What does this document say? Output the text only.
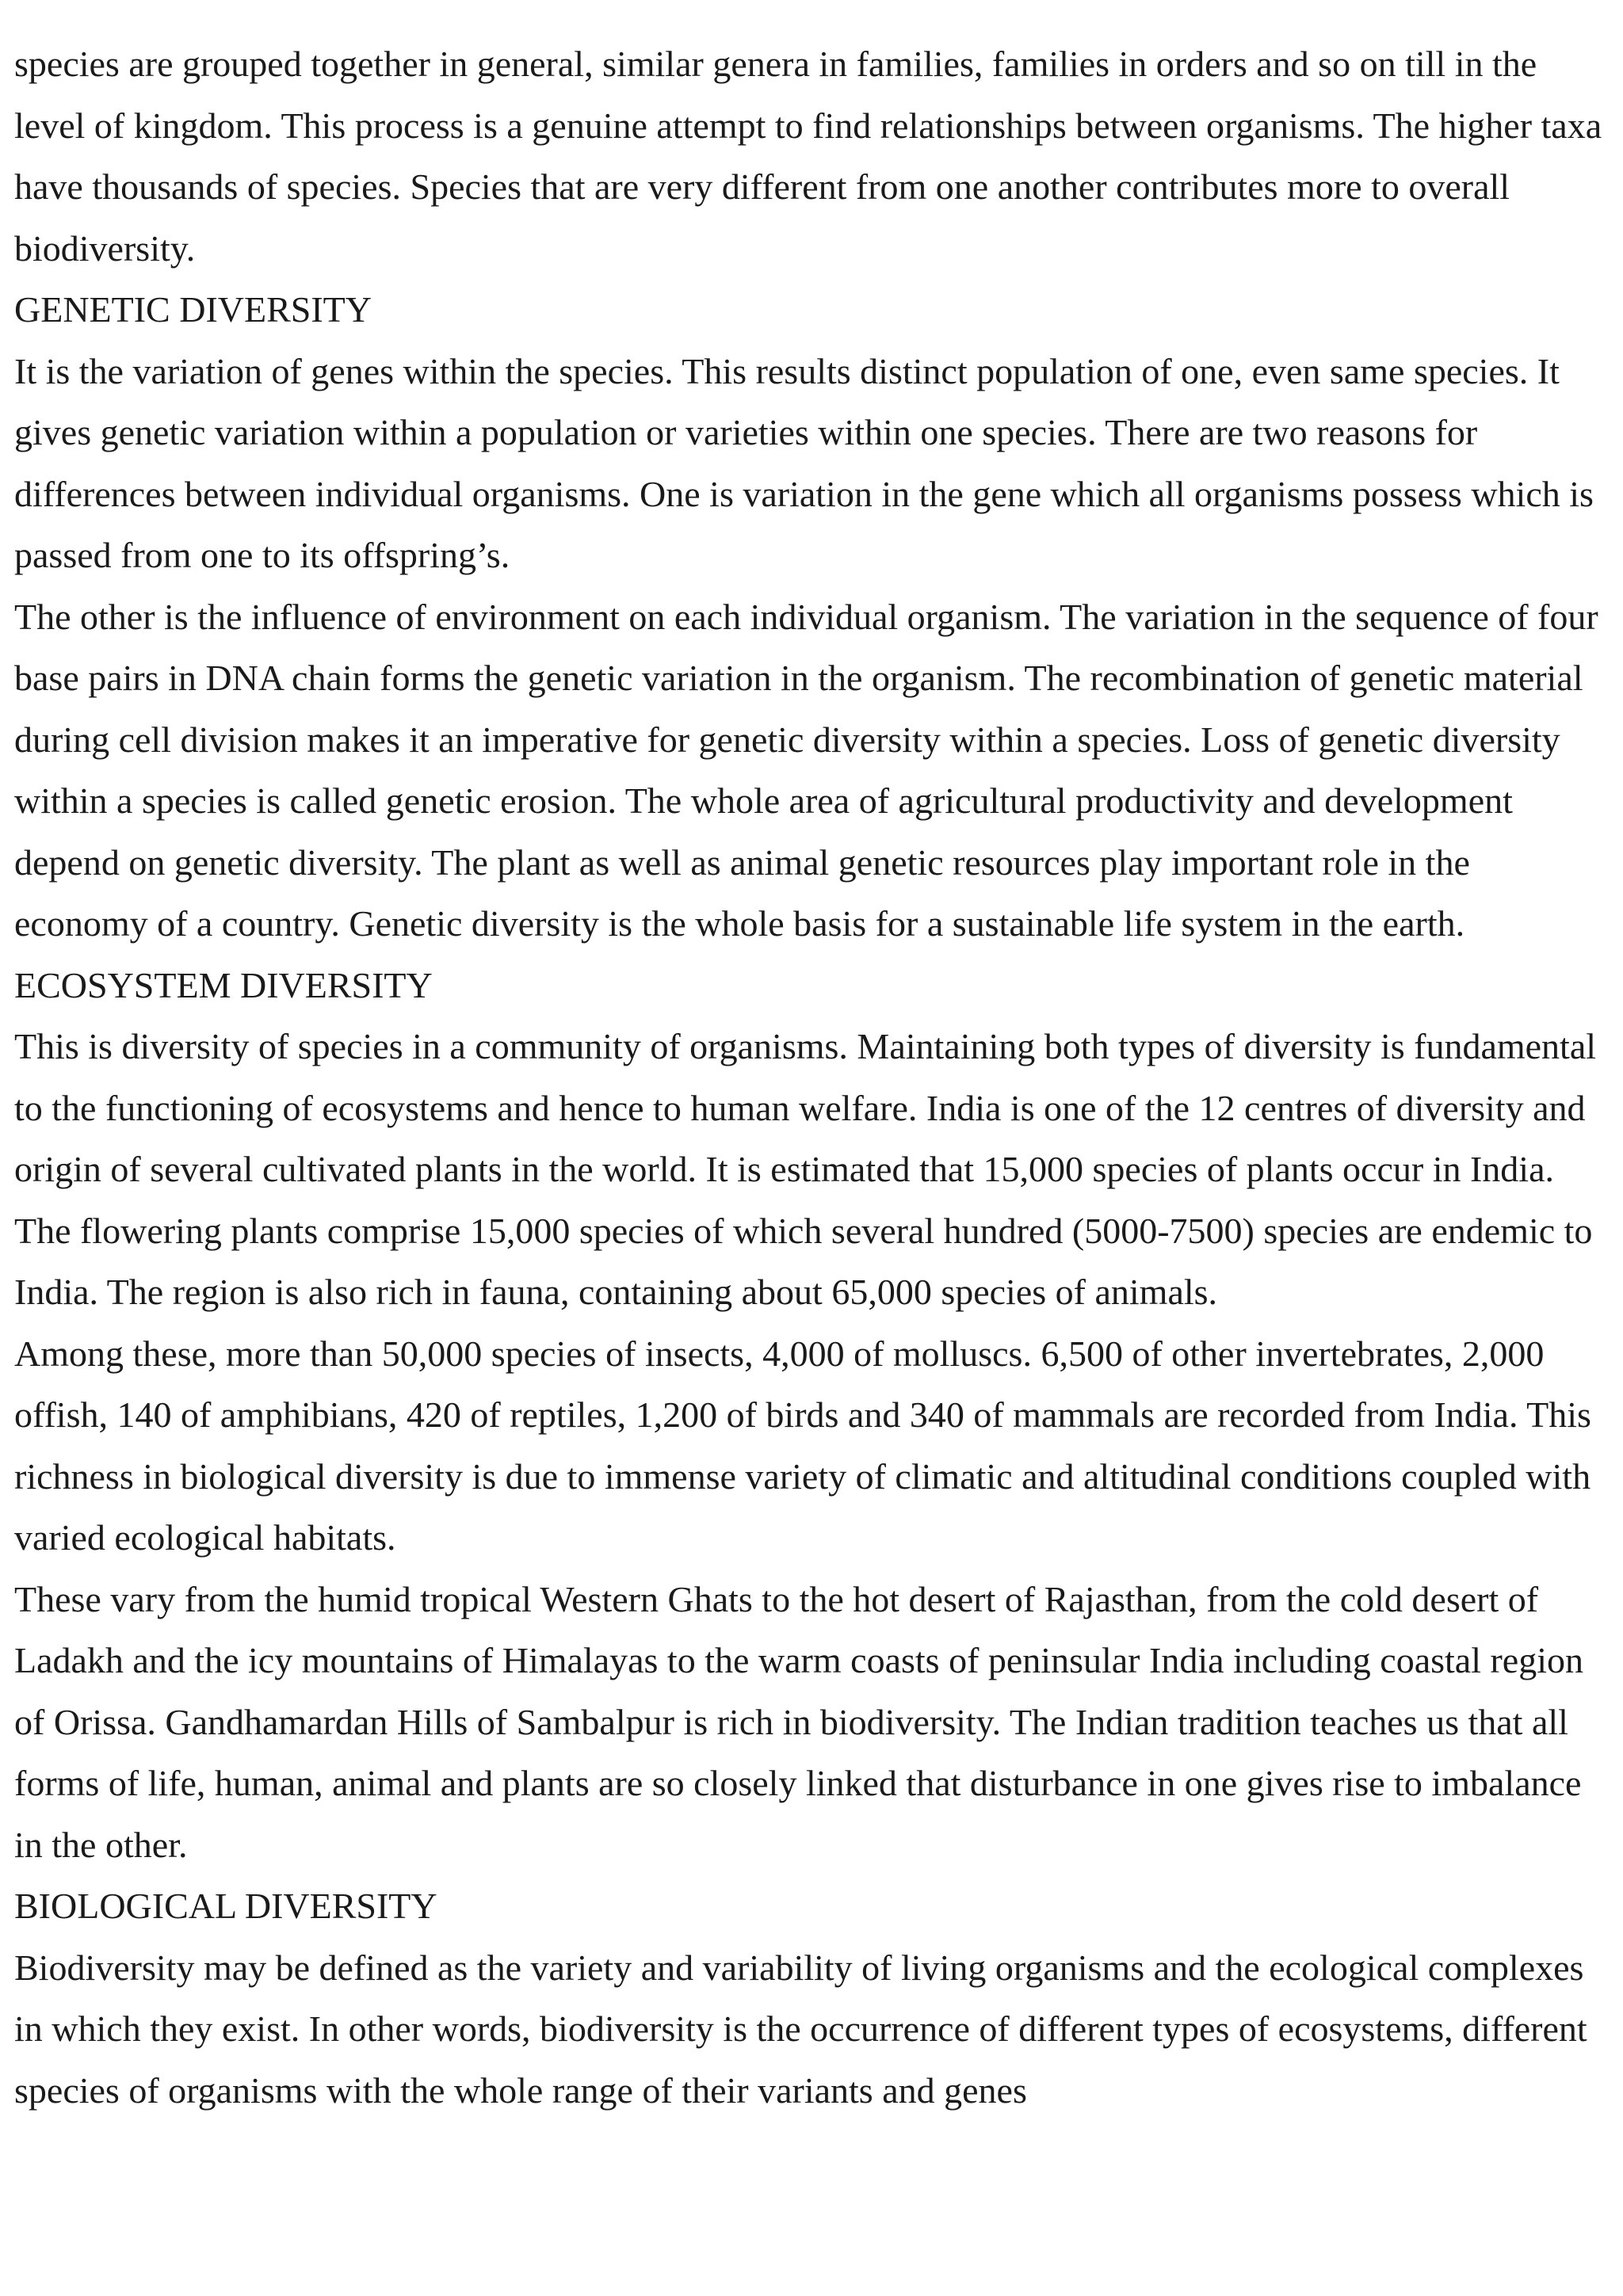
species are grouped together in general, similar genera in families, families in orders and so on till in the level of kingdom. This process is a genuine attempt to find relationships between organisms. The higher taxa have thousands of species. Species that are very different from one another contributes more to overall biodiversity.

GENETIC DIVERSITY

It is the variation of genes within the species. This results distinct population of one, even same species. It gives genetic variation within a population or varieties within one species. There are two reasons for differences between individual organisms. One is variation in the gene which all organisms possess which is passed from one to its offspring’s.

The other is the influence of environment on each individual organism. The variation in the sequence of four base pairs in DNA chain forms the genetic variation in the organism. The recombination of genetic material during cell division makes it an imperative for genetic diversity within a species. Loss of genetic diversity within a species is called genetic erosion. The whole area of agricultural productivity and development depend on genetic diversity. The plant as well as animal genetic resources play important role in the economy of a country. Genetic diversity is the whole basis for a sustainable life system in the earth.

ECOSYSTEM DIVERSITY

This is diversity of species in a community of organisms. Maintaining both types of diversity is fundamental to the functioning of ecosystems and hence to human welfare. India is one of the 12 centres of diversity and origin of several cultivated plants in the world. It is estimated that 15,000 species of plants occur in India. The flowering plants comprise 15,000 species of which several hundred (5000-7500) species are endemic to India. The region is also rich in fauna, containing about 65,000 species of animals.

Among these, more than 50,000 species of insects, 4,000 of molluscs. 6,500 of other invertebrates, 2,000 offish, 140 of amphibians, 420 of reptiles, 1,200 of birds and 340 of mammals are recorded from India. This richness in biological diversity is due to immense variety of climatic and altitudinal conditions coupled with varied ecological habitats.

These vary from the humid tropical Western Ghats to the hot desert of Rajasthan, from the cold desert of Ladakh and the icy mountains of Himalayas to the warm coasts of peninsular India including coastal region of Orissa. Gandhamardan Hills of Sambalpur is rich in biodiversity. The Indian tradition teaches us that all forms of life, human, animal and plants are so closely linked that disturbance in one gives rise to imbalance in the other.

BIOLOGICAL DIVERSITY

Biodiversity may be defined as the variety and variability of living organisms and the ecological complexes in which they exist. In other words, biodiversity is the occurrence of different types of ecosystems, different species of organisms with the whole range of their variants and genes
